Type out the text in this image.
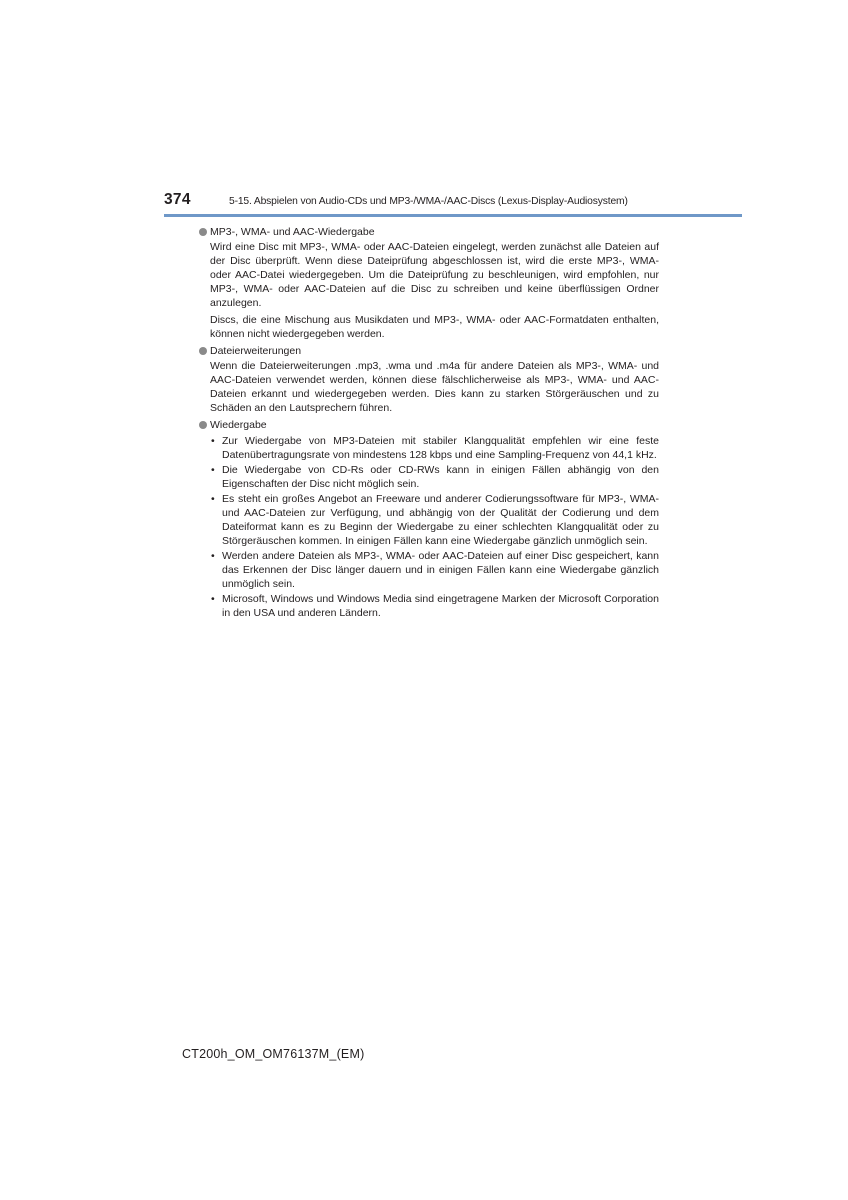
374	5-15. Abspielen von Audio-CDs und MP3-/WMA-/AAC-Discs (Lexus-Display-Audiosystem)
MP3-, WMA- und AAC-Wiedergabe

Wird eine Disc mit MP3-, WMA- oder AAC-Dateien eingelegt, werden zunächst alle Dateien auf der Disc überprüft. Wenn diese Dateiprüfung abgeschlossen ist, wird die erste MP3-, WMA- oder AAC-Datei wiedergegeben. Um die Dateiprüfung zu beschleunigen, wird empfohlen, nur MP3-, WMA- oder AAC-Dateien auf die Disc zu schreiben und keine überflüssigen Ordner anzulegen.

Discs, die eine Mischung aus Musikdaten und MP3-, WMA- oder AAC-Formatdaten enthalten, können nicht wiedergegeben werden.

Dateierweiterungen

Wenn die Dateierweiterungen .mp3, .wma und .m4a für andere Dateien als MP3-, WMA- und AAC-Dateien verwendet werden, können diese fälschlicherweise als MP3-, WMA- und AAC-Dateien erkannt und wiedergegeben werden. Dies kann zu starken Störgeräuschen und zu Schäden an den Lautsprechern führen.

Wiedergabe
• Zur Wiedergabe von MP3-Dateien mit stabiler Klangqualität empfehlen wir eine feste Datenübertragungsrate von mindestens 128 kbps und eine Sampling-Frequenz von 44,1 kHz.
• Die Wiedergabe von CD-Rs oder CD-RWs kann in einigen Fällen abhängig von den Eigenschaften der Disc nicht möglich sein.
• Es steht ein großes Angebot an Freeware und anderer Codierungssoftware für MP3-, WMA- und AAC-Dateien zur Verfügung, und abhängig von der Qualität der Codierung und dem Dateiformat kann es zu Beginn der Wiedergabe zu einer schlechten Klangqualität oder zu Störgeräuschen kommen. In einigen Fällen kann eine Wiedergabe gänzlich unmöglich sein.
• Werden andere Dateien als MP3-, WMA- oder AAC-Dateien auf einer Disc gespeichert, kann das Erkennen der Disc länger dauern und in einigen Fällen kann eine Wiedergabe gänzlich unmöglich sein.
• Microsoft, Windows und Windows Media sind eingetragene Marken der Microsoft Corporation in den USA und anderen Ländern.
CT200h_OM_OM76137M_(EM)
